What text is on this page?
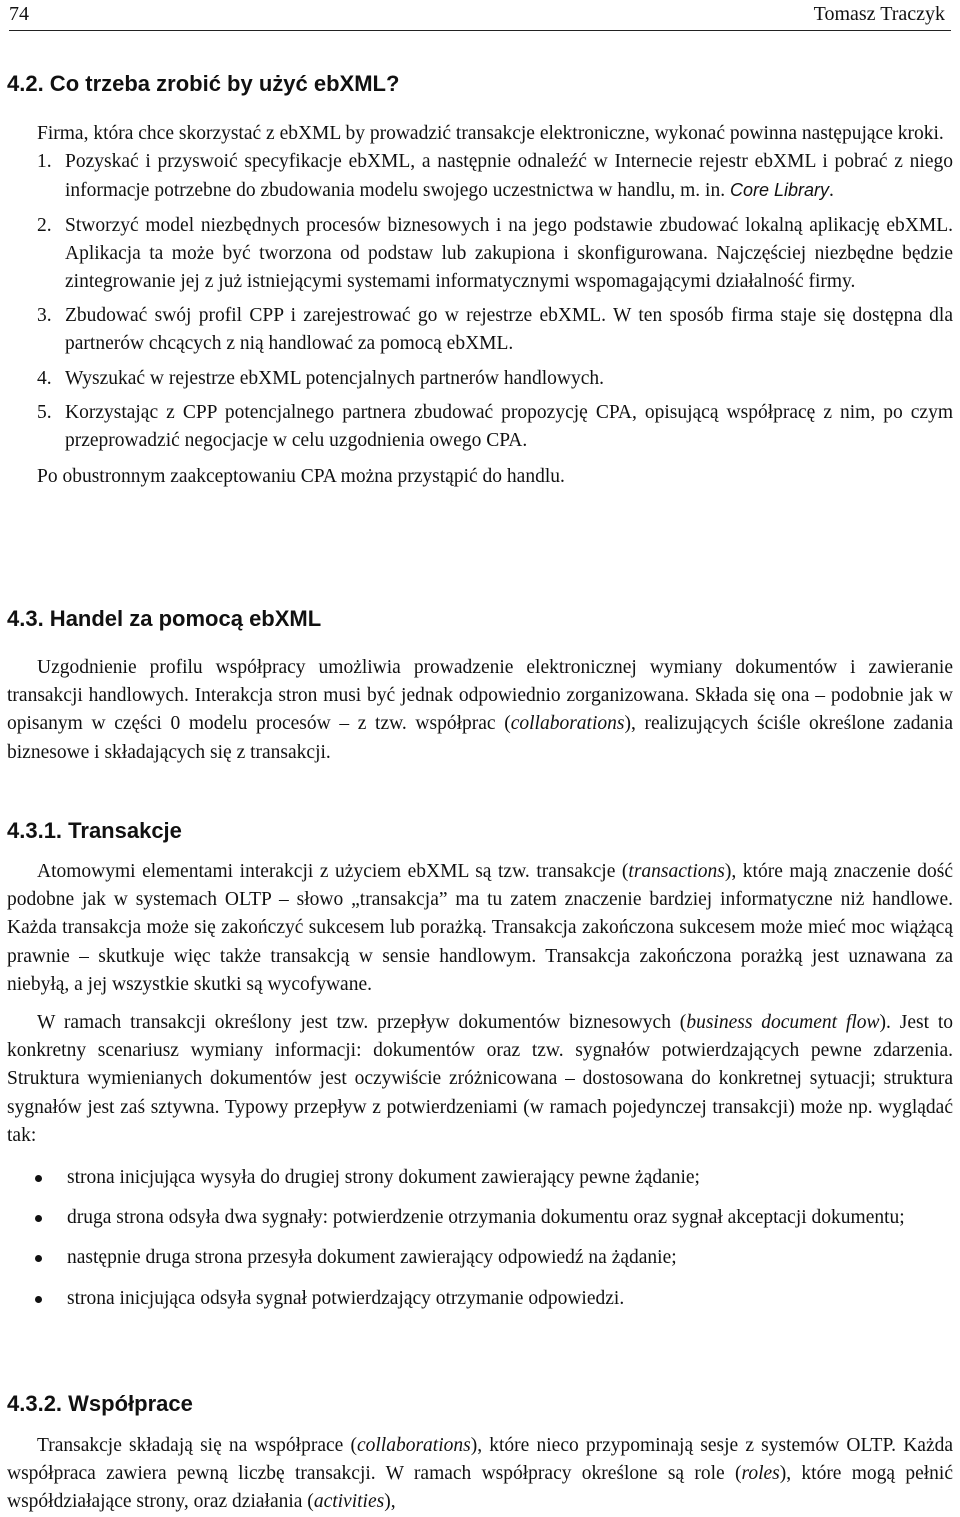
74	Tomasz Traczyk
4.2. Co trzeba zrobić by użyć ebXML?

Firma, która chce skorzystać z ebXML by prowadzić transakcje elektroniczne, wykonać powinna następujące kroki.

1. Pozyskać i przyswoić specyfikacje ebXML, a następnie odnaleźć w Internecie rejestr ebXML i pobrać z niego informacje potrzebne do zbudowania modelu swojego uczestnictwa w handlu, m. in. Core Library.
2. Stworzyć model niezbędnych procesów biznesowych i na jego podstawie zbudować lokalną aplikację ebXML. Aplikacja ta może być tworzona od podstaw lub zakupiona i skonfigurowana. Najczęściej niezbędne będzie zintegrowanie jej z już istniejącymi systemami informatycznymi wspomagającymi działalność firmy.
3. Zbudować swój profil CPP i zarejestrować go w rejestrze ebXML. W ten sposób firma staje się dostępna dla partnerów chcących z nią handlować za pomocą ebXML.
4. Wyszukać w rejestrze ebXML potencjalnych partnerów handlowych.
5. Korzystając z CPP potencjalnego partnera zbudować propozycję CPA, opisującą współpracę z nim, po czym przeprowadzić negocjacje w celu uzgodnienia owego CPA.

Po obustronnym zaakceptowaniu CPA można przystąpić do handlu.

4.3. Handel za pomocą ebXML

Uzgodnienie profilu współpracy umożliwia prowadzenie elektronicznej wymiany dokumentów i zawieranie transakcji handlowych. Interakcja stron musi być jednak odpowiednio zorganizowana. Składa się ona – podobnie jak w opisanym w części 0 modelu procesów – z tzw. współprac (collaborations), realizujących ściśle określone zadania biznesowe i składających się z transakcji.

4.3.1. Transakcje

Atomowymi elementami interakcji z użyciem ebXML są tzw. transakcje (transactions), które mają znaczenie dość podobne jak w systemach OLTP – słowo „transakcja” ma tu zatem znaczenie bardziej informatyczne niż handlowe. Każda transakcja może się zakończyć sukcesem lub porażką. Transakcja zakończona sukcesem może mieć moc wiążącą prawnie – skutkuje więc także transakcją w sensie handlowym. Transakcja zakończona porażką jest uznawana za niebyłą, a jej wszystkie skutki są wycofywane.

W ramach transakcji określony jest tzw. przepływ dokumentów biznesowych (business document flow). Jest to konkretny scenariusz wymiany informacji: dokumentów oraz tzw. sygnałów potwierdzających pewne zdarzenia. Struktura wymienianych dokumentów jest oczywiście zróżnicowana – dostosowana do konkretnej sytuacji; struktura sygnałów jest zaś sztywna. Typowy przepływ z potwierdzeniami (w ramach pojedynczej transakcji) może np. wyglądać tak:

strona inicjująca wysyła do drugiej strony dokument zawierający pewne żądanie;
druga strona odsyła dwa sygnały: potwierdzenie otrzymania dokumentu oraz sygnał akceptacji dokumentu;
następnie druga strona przesyła dokument zawierający odpowiedź na żądanie;
strona inicjująca odsyła sygnał potwierdzający otrzymanie odpowiedzi.
4.3.2. Współprace

Transakcje składają się na współprace (collaborations), które nieco przypominają sesje z systemów OLTP. Każda współpraca zawiera pewną liczbę transakcji. W ramach współpracy określone są role (roles), które mogą pełnić współdziałające strony, oraz działania (activities),
